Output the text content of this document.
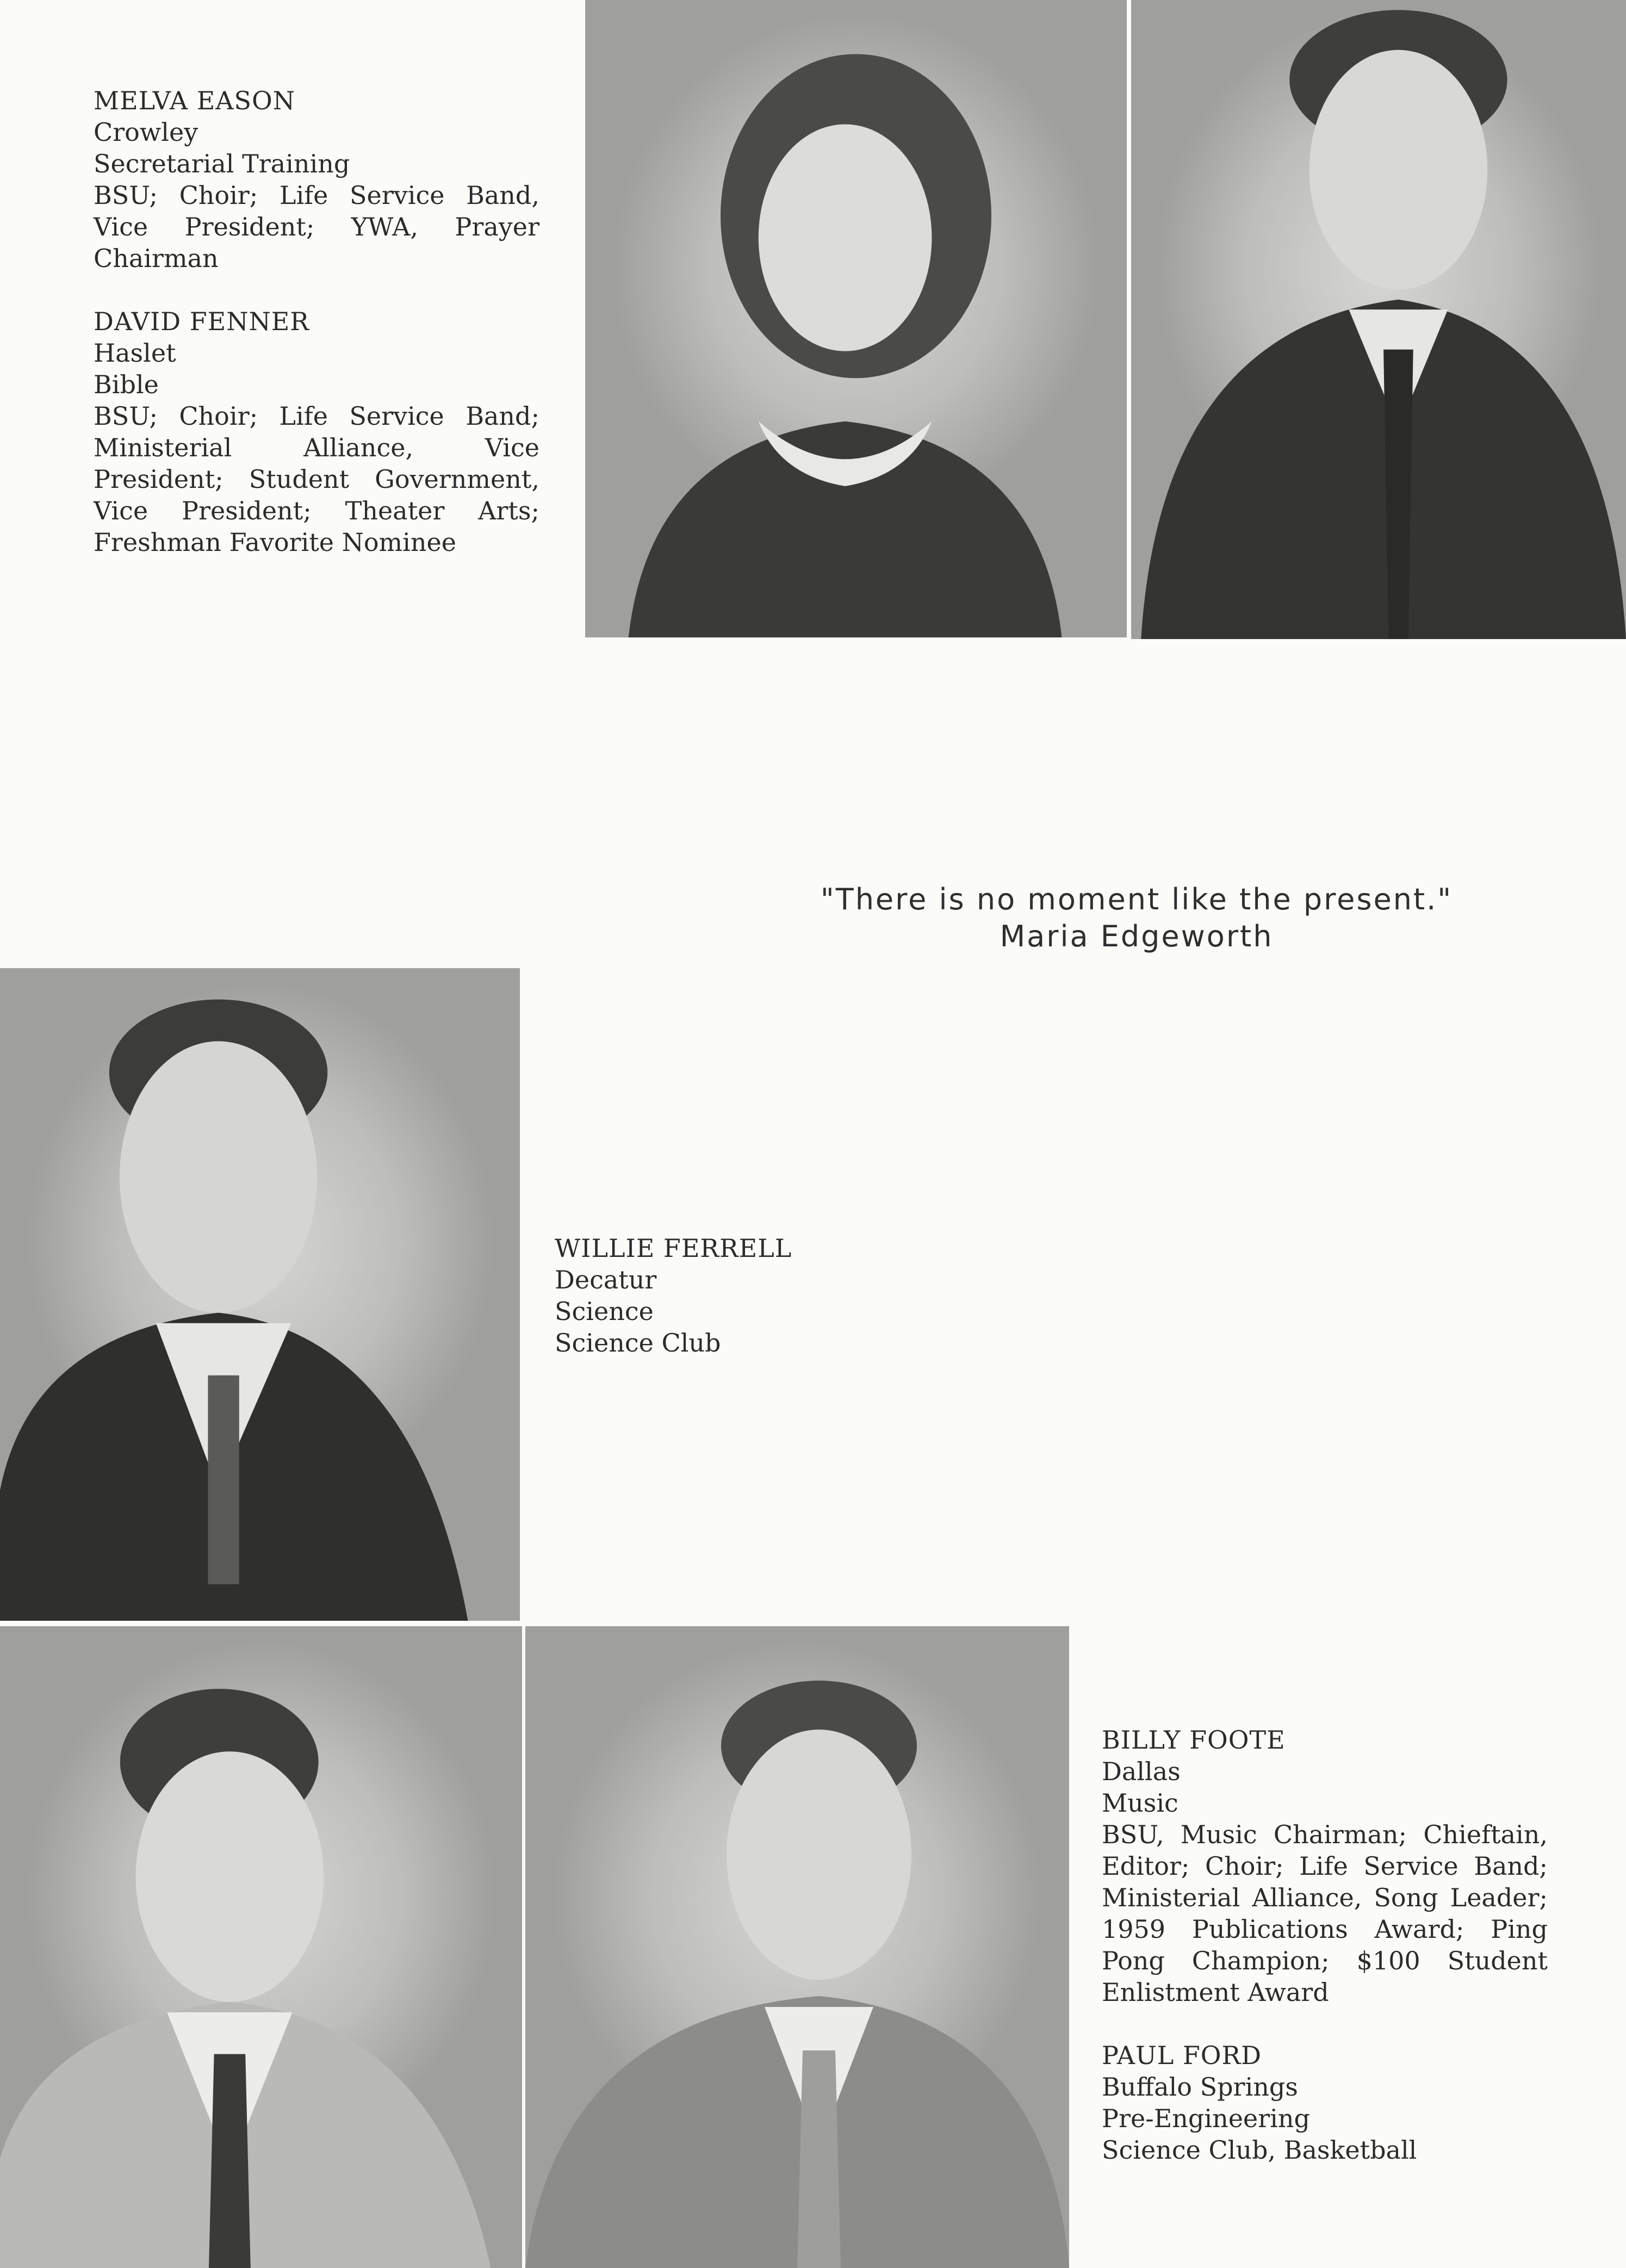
MELVA EASON
Crowley
Secretarial Training
BSU; Choir; Life Service Band, Vice President; YWA, Prayer Chairman
DAVID FENNER
Haslet
Bible
BSU; Choir; Life Service Band; Ministerial Alliance, Vice President; Student Government, Vice President; Theater Arts; Freshman Favorite Nominee
"There is no moment like the present."
Maria Edgeworth
WILLIE FERRELL
Decatur
Science
Science Club
BILLY FOOTE
Dallas
Music
BSU, Music Chairman; Chieftain, Editor; Choir; Life Service Band; Ministerial Alliance, Song Leader; 1959 Publications Award; Ping Pong Champion; $100 Student Enlistment Award
PAUL FORD
Buffalo Springs
Pre-Engineering
Science Club, Basketball
